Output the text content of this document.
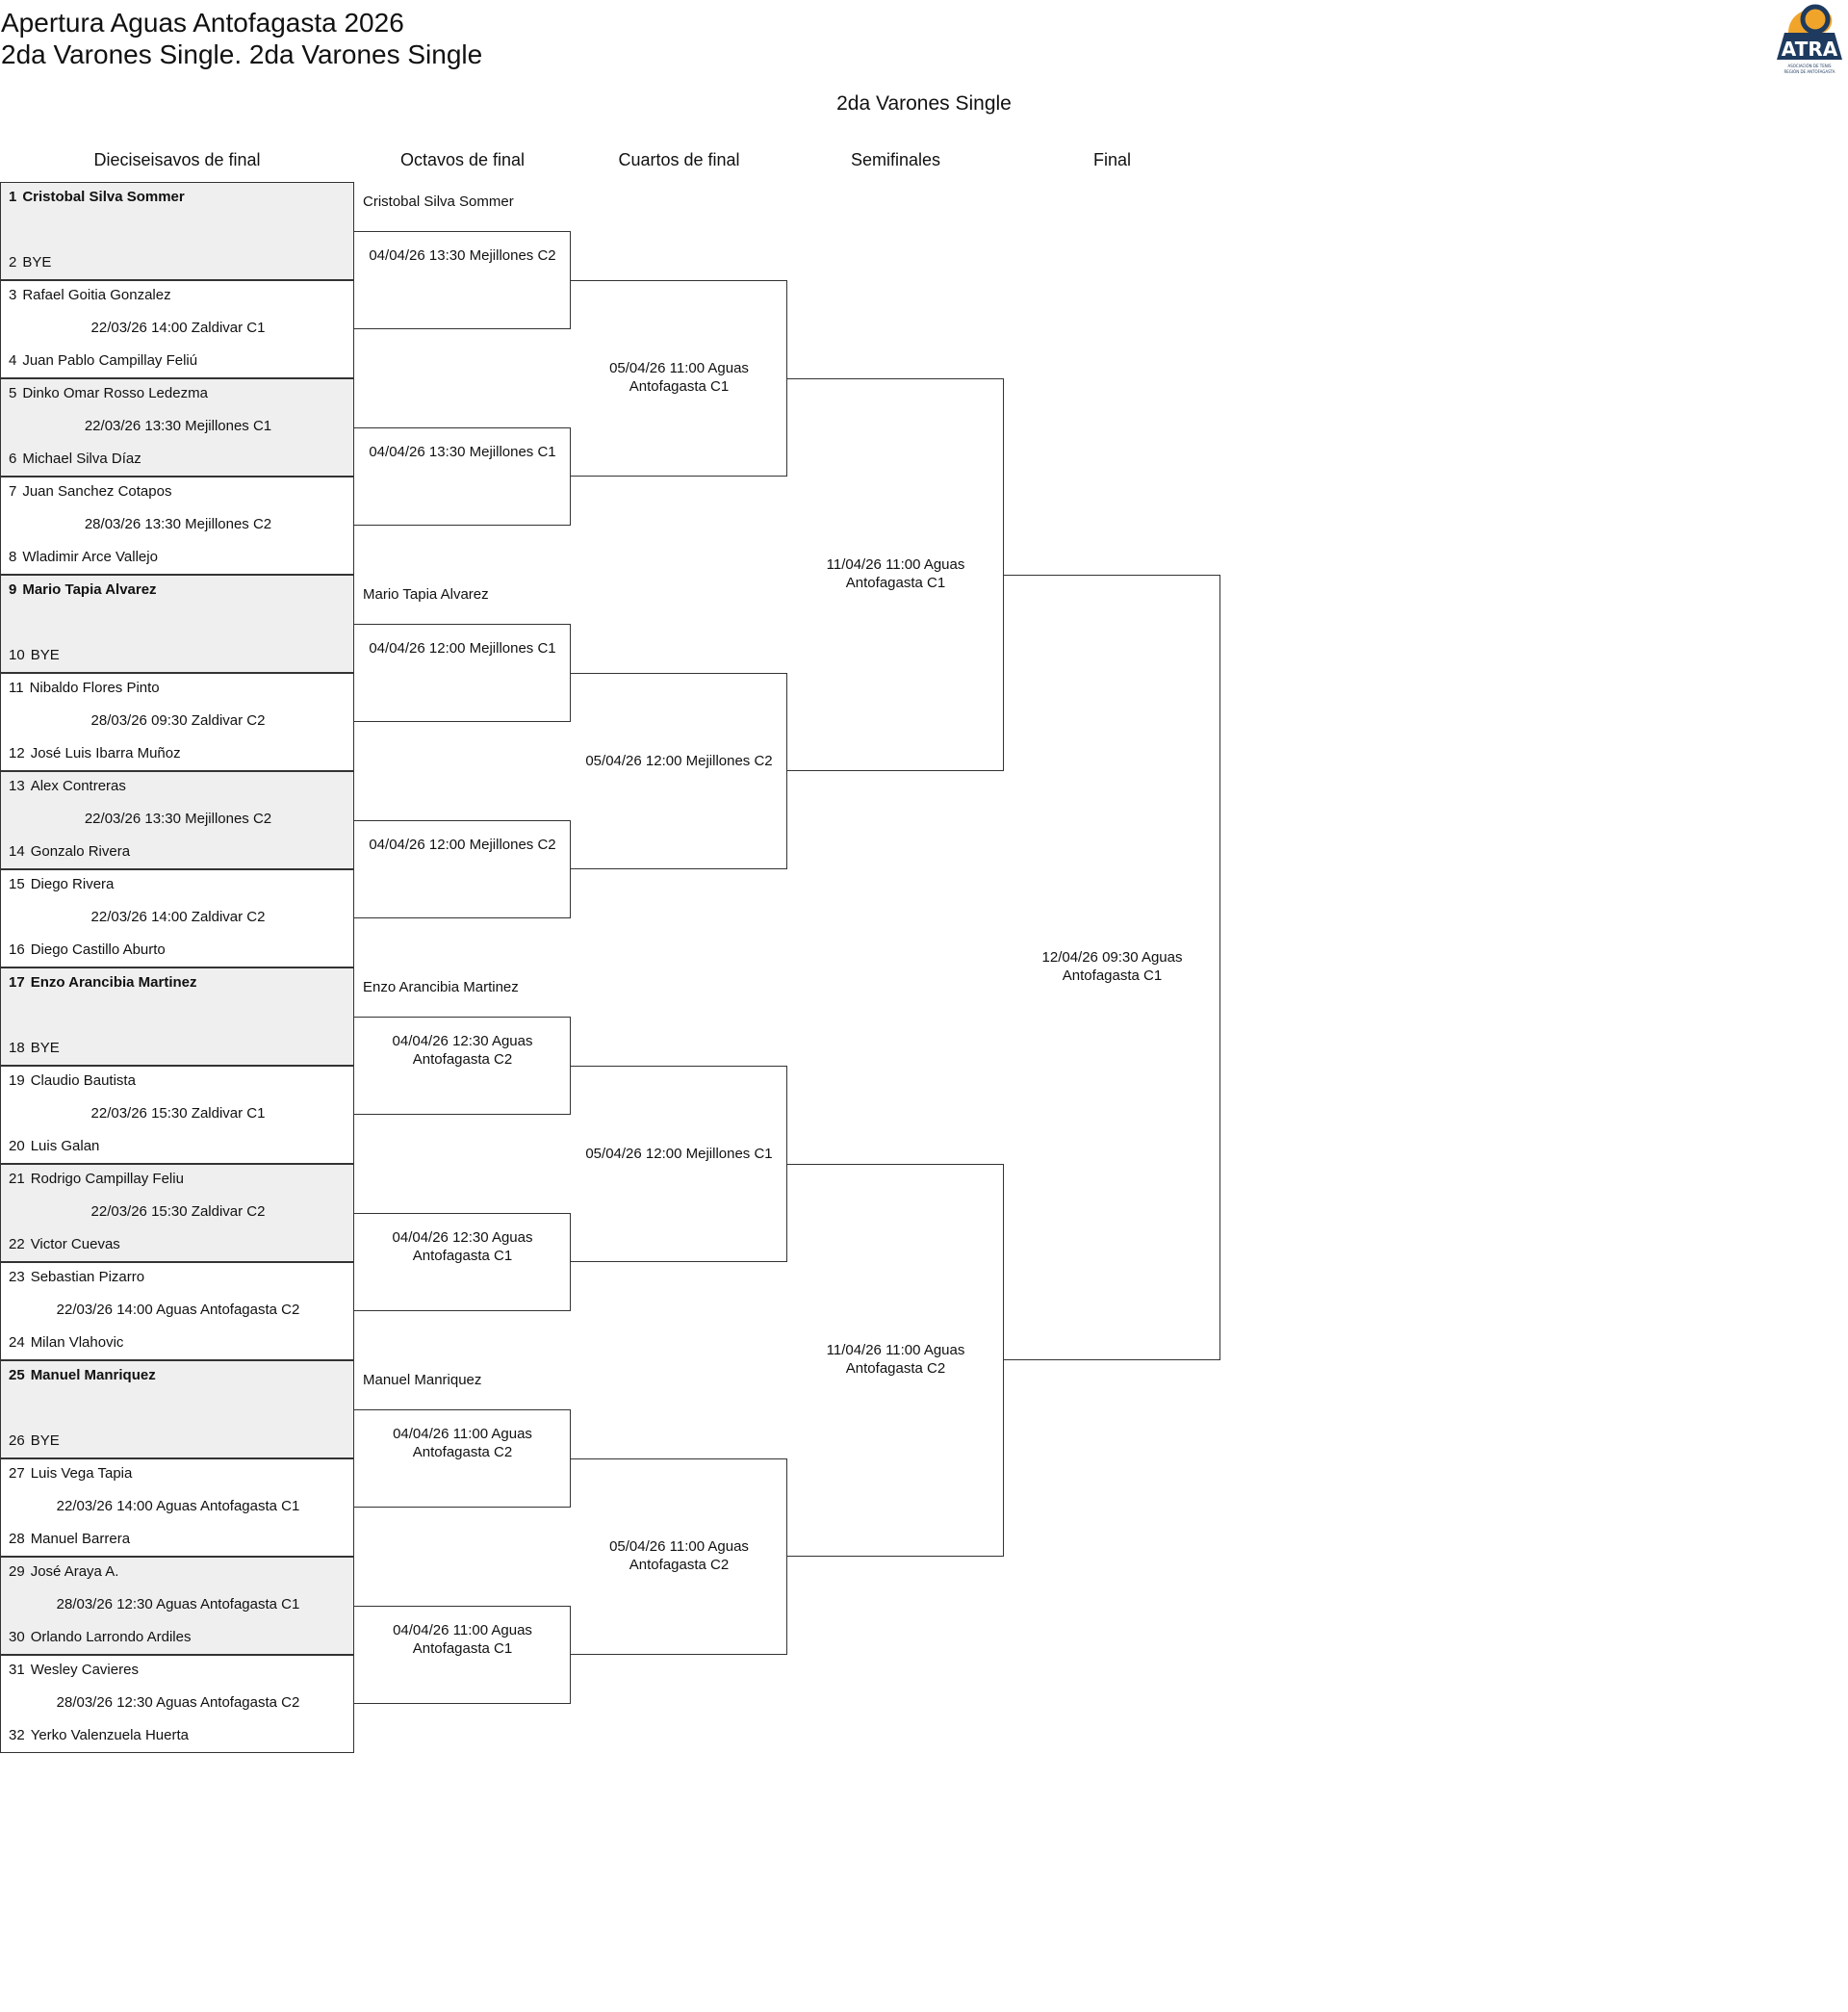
Apertura Aguas Antofagasta 2026
2da Varones Single. 2da Varones Single	ATRA
ASOCIACIÓN DE TENIS
REGIÓN DE ANTOFAGASTA
2da Varones Single
Dieciseisavos de final	Octavos de final	Cuartos de final	Semifinales	Final
1 Cristobal Silva Sommer
2 BYE
3 Rafael Goitia Gonzalez
4 Juan Pablo Campillay Feliú
22/03/26 14:00 Zaldivar C1
5 Dinko Omar Rosso Ledezma
6 Michael Silva Díaz
22/03/26 13:30 Mejillones C1
7 Juan Sanchez Cotapos
8 Wladimir Arce Vallejo
28/03/26 13:30 Mejillones C2
9 Mario Tapia Alvarez
10 BYE
11 Nibaldo Flores Pinto
12 José Luis Ibarra Muñoz
28/03/26 09:30 Zaldivar C2
13 Alex Contreras
14 Gonzalo Rivera
22/03/26 13:30 Mejillones C2
15 Diego Rivera
16 Diego Castillo Aburto
22/03/26 14:00 Zaldivar C2
17 Enzo Arancibia Martinez
18 BYE
19 Claudio Bautista
20 Luis Galan
22/03/26 15:30 Zaldivar C1
21 Rodrigo Campillay Feliu
22 Victor Cuevas
22/03/26 15:30 Zaldivar C2
23 Sebastian Pizarro
24 Milan Vlahovic
22/03/26 14:00 Aguas Antofagasta C2
25 Manuel Manriquez
26 BYE
27 Luis Vega Tapia
28 Manuel Barrera
22/03/26 14:00 Aguas Antofagasta C1
29 José Araya A.
30 Orlando Larrondo Ardiles
28/03/26 12:30 Aguas Antofagasta C1
31 Wesley Cavieres
32 Yerko Valenzuela Huerta
28/03/26 12:30 Aguas Antofagasta C2
04/04/26 13:30 Mejillones C2
Cristobal Silva Sommer
04/04/26 13:30 Mejillones C1
04/04/26 12:00 Mejillones C1
Mario Tapia Alvarez
04/04/26 12:00 Mejillones C2
04/04/26 12:30 Aguas Antofagasta C2
Enzo Arancibia Martinez
04/04/26 12:30 Aguas Antofagasta C1
04/04/26 11:00 Aguas Antofagasta C2
Manuel Manriquez
04/04/26 11:00 Aguas Antofagasta C1
05/04/26 11:00 Aguas Antofagasta C1
05/04/26 12:00 Mejillones C2
05/04/26 12:00 Mejillones C1
05/04/26 11:00 Aguas Antofagasta C2
11/04/26 11:00 Aguas Antofagasta C1
11/04/26 11:00 Aguas Antofagasta C2
12/04/26 09:30 Aguas Antofagasta C1
